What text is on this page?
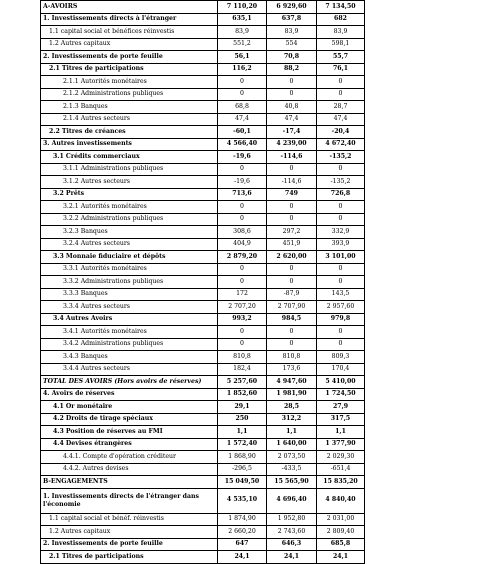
A-AVOIRS	7 110,20	6 929,60	7 134,50
1. Investissements directs à l'étranger	635,1	637,8	682
1.1 capital social et bénéfices réinvestis	83,9	83,9	83,9
1.2 Autres capitaux	551,2	554	598,1
2. Investissements de porte feuille	56,1	70,8	55,7
2.1 Titres de participations	116,2	88,2	76,1
2.1.1 Autorités monétaires	0	0	0
2.1.2 Administrations publiques	0	0	0
2.1.3 Banques	68,8	40,8	28,7
2.1.4 Autres secteurs	47,4	47,4	47,4
2.2 Titres de créances	-60,1	-17,4	-20,4
3. Autres investissements	4 566,40	4 239,00	4 672,40
3.1 Crédits commerciaux	-19,6	-114,6	-135,2
3.1.1 Administrations publiques	0	0	0
3.1.2 Autres secteurs	-19,6	-114,6	-135,2
3.2 Prêts	713,6	749	726,8
3.2.1 Autorités monétaires	0	0	0
3.2.2 Administrations publiques	0	0	0
3.2.3 Banques	308,6	297,2	332,9
3.2.4 Autres secteurs	404,9	451,9	393,9
3.3 Monnaie fiduciaire et dépôts	2 879,20	2 620,00	3 101,00
3.3.1 Autorités monétaires	0	0	0
3.3.2 Administrations publiques	0	0	0
3.3.3 Banques	172	-87,9	143,5
3.3.4 Autres secteurs	2 707,20	2 707,90	2 957,60
3.4 Autres Avoirs	993,2	984,5	979,8
3.4.1 Autorités monétaires	0	0	0
3.4.2 Administrations publiques	0	0	0
3.4.3 Banques	810,8	810,8	809,3
3.4.4 Autres secteurs	182,4	173,6	170,4
TOTAL DES AVOIRS (Hors avoirs de réserves)	5 257,60	4 947,60	5 410,00
4. Avoirs de réserves	1 852,60	1 981,90	1 724,50
4.1 Or monétaire	29,1	28,5	27,9
4.2 Droits de tirage spéciaux	250	312,2	317,5
4.3 Position de réserves au FMI	1,1	1,1	1,1
4.4 Devises étrangères	1 572,40	1 640,00	1 377,90
4.4.1. Compte d'opération créditeur	1 868,90	2 073,50	2 029,30
4.4.2. Autres devises	-296,5	-433,5	-651,4
B-ENGAGEMENTS	15 049,50	15 565,90	15 835,20
1. Investissements directs de l'étranger dans l'économie	4 535,10	4 696,40	4 840,40
1.1 capital social et bénéf. réinvestis	1 874,90	1 952,80	2 031,00
1.2 Autres capitaux	2 660,20	2 743,60	2 809,40
2. Investissements de porte feuille	647	646,3	685,8
2.1 Titres de participations	24,1	24,1	24,1
